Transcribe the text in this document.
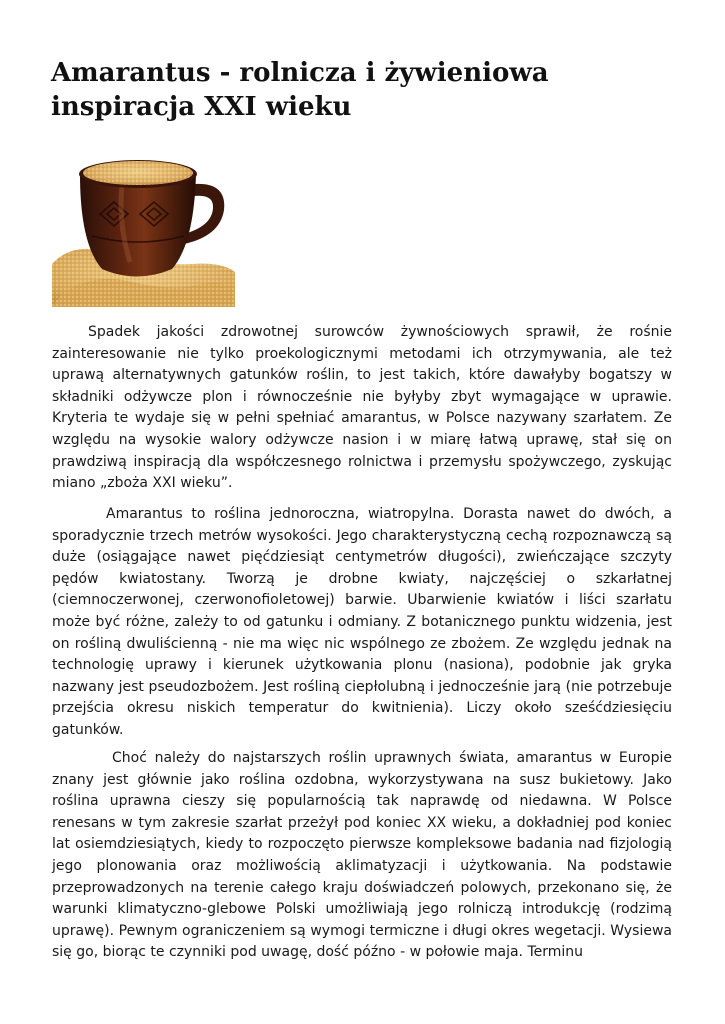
Amarantus - rolnicza i żywieniowa inspiracja XXI wieku

Spadek jakości zdrowotnej surowców żywnościowych sprawił, że rośnie zainteresowanie nie tylko proekologicznymi metodami ich otrzymywania, ale też uprawą alternatywnych gatunków roślin, to jest takich, które dawałyby bogatszy w składniki odżywcze plon i równocześnie nie byłyby zbyt wymagające w uprawie. Kryteria te wydaje się w pełni spełniać amarantus, w Polsce nazywany szarłatem. Ze względu na wysokie walory odżywcze nasion i w miarę łatwą uprawę, stał się on prawdziwą inspiracją dla współczesnego rolnictwa i przemysłu spożywczego, zyskując miano „zboża XXI wieku”.

Amarantus to roślina jednoroczna, wiatropylna. Dorasta nawet do dwóch, a sporadycznie trzech metrów wysokości. Jego charakterystyczną cechą rozpoznawczą są duże (osiągające nawet pięćdziesiąt centymetrów długości), zwieńczające szczyty pędów kwiatostany. Tworzą je drobne kwiaty, najczęściej o szkarłatnej (ciemnoczerwonej, czerwonofioletowej) barwie. Ubarwienie kwiatów i liści szarłatu może być różne, zależy to od gatunku i odmiany. Z botanicznego punktu widzenia, jest on rośliną dwuliścienną - nie ma więc nic wspólnego ze zbożem. Ze względu jednak na technologię uprawy i kierunek użytkowania plonu (nasiona), podobnie jak gryka nazwany jest pseudozbożem. Jest rośliną ciepłolubną i jednocześnie jarą (nie potrzebuje przejścia okresu niskich temperatur do kwitnienia). Liczy około sześćdziesięciu gatunków.

Choć należy do najstarszych roślin uprawnych świata, amarantus w Europie znany jest głównie jako roślina ozdobna, wykorzystywana na susz bukietowy. Jako roślina uprawna cieszy się popularnością tak naprawdę od niedawna. W Polsce renesans w tym zakresie szarłat przeżył pod koniec XX wieku, a dokładniej pod koniec lat osiemdziesiątych, kiedy to rozpoczęto pierwsze kompleksowe badania nad fizjologią jego plonowania oraz możliwością aklimatyzacji i użytkowania. Na podstawie przeprowadzonych na terenie całego kraju doświadczeń polowych, przekonano się, że warunki klimatyczno-glebowe Polski umożliwiają jego rolniczą introdukcję (rodzimą uprawę). Pewnym ograniczeniem są wymogi termiczne i długi okres wegetacji. Wysiewa się go, biorąc te czynniki pod uwagę, dość późno - w połowie maja. Terminu
